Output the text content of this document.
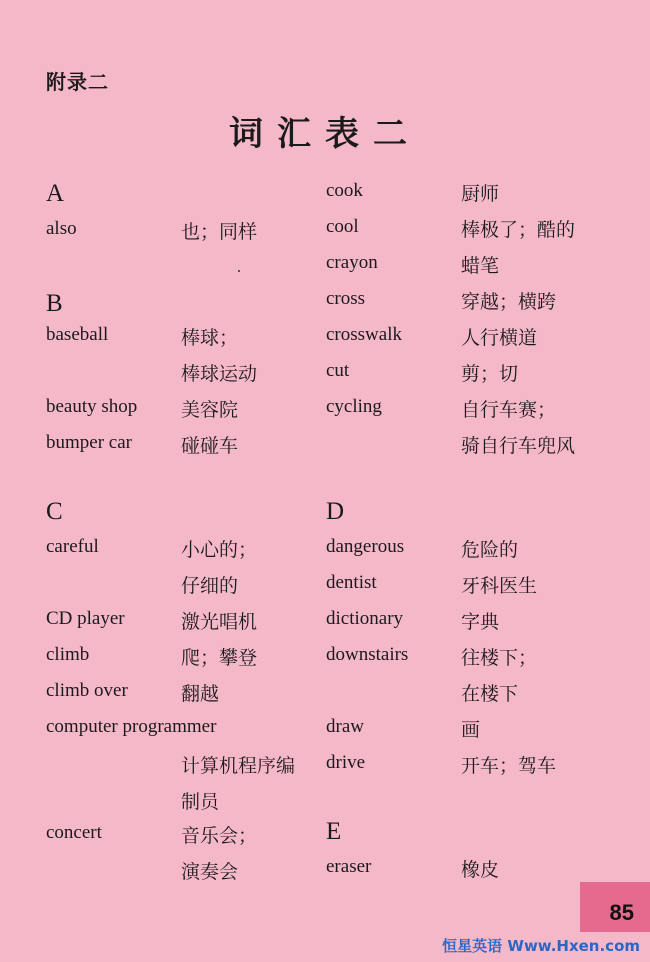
附录二
词汇表二
A
also	也；同样
B
baseball	棒球；
棒球运动
beauty shop 美容院
bumper car	碰碰车
C
careful	小心的；
仔细的
CD player	激光唱机
climb	爬；攀登
climb over	翻越
computer programmer
计算机程序编
制员
concert	音乐会；
演奏会
cook	厨师
cool	棒极了；酷的
crayon	蜡笔
cross	穿越；横跨
crosswalk	人行横道
cut	剪；切
cycling	自行车赛；
骑自行车兜风
D
dangerous	危险的
dentist	牙科医生
dictionary	字典
downstairs	往楼下；
在楼下
draw	画
drive	开车；驾车
E
eraser	橡皮
85
恒星英语 Www.Hxen.com
